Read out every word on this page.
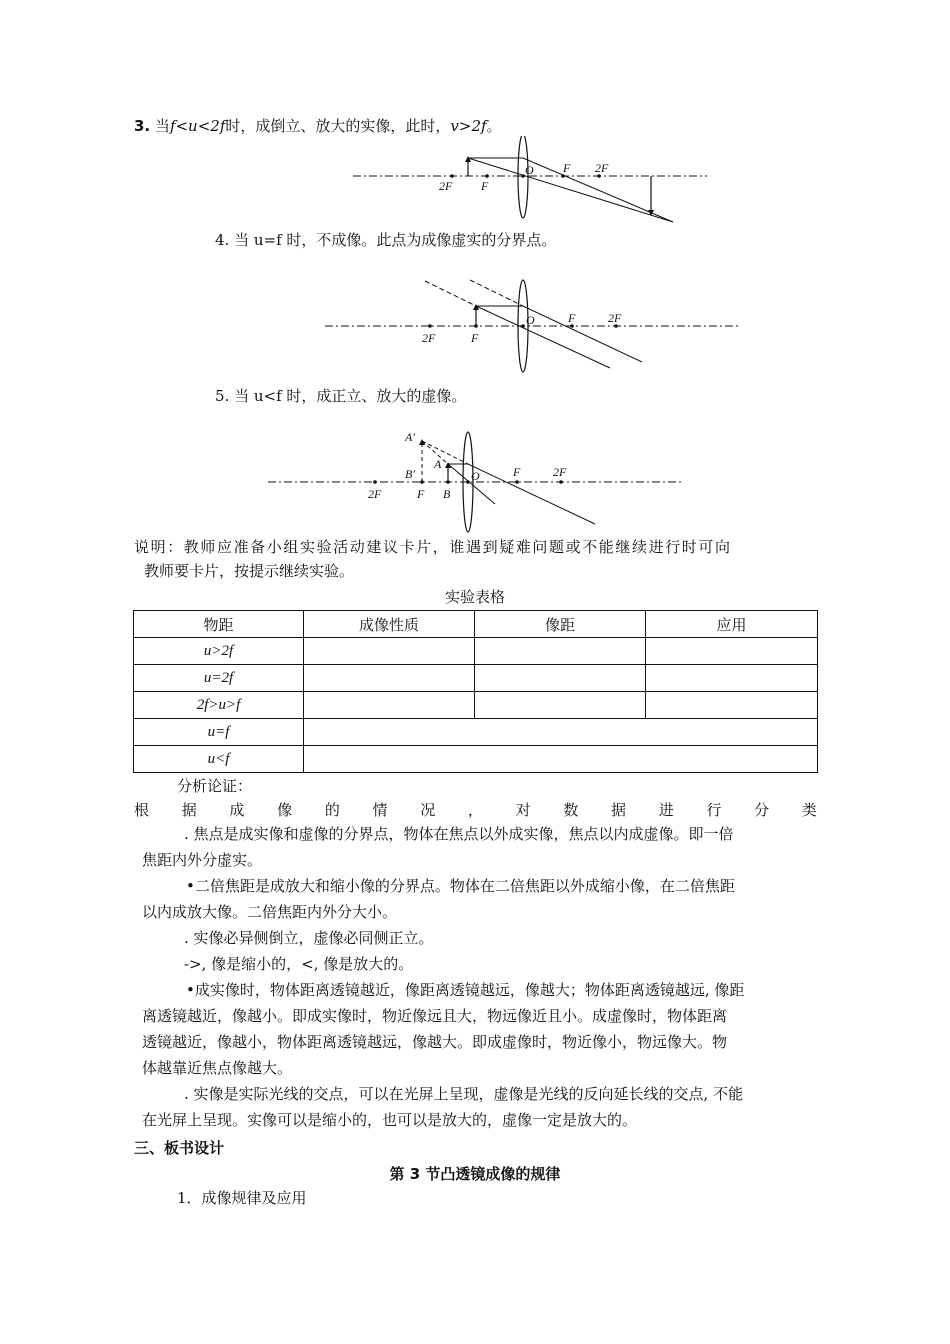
3. 当f<u<2f时，成倒立、放大的实像，此时，v>2f。
2F F
O F 2F
4. 当 u=f 时，不成像。此点为成像虚实的分界点。
2F	F
O	F	2F
5. 当 u<f 时，成正立、放大的虚像。
A′
B′
A
B
2F	F
O	F	2F
说明：教师应准备小组实验活动建议卡片，谁遇到疑难问题或不能继续进行时可向
教师要卡片，按提示继续实验。
实验表格
物距	成像性质	像距	应用
u>2f			
u=2f			
2f>u>f			
u=f			
u<f			
分析论证：
根 据 成 像 的 情 况 ， 对 数 据 进 行 分 类
. 焦点是成实像和虚像的分界点，物体在焦点以外成实像，焦点以内成虚像。即一倍
焦距内外分虚实。
•二倍焦距是成放大和缩小像的分界点。物体在二倍焦距以外成缩小像，在二倍焦距
以内成放大像。二倍焦距内外分大小。
. 实像必异侧倒立，虚像必同侧正立。
->, 像是缩小的，<, 像是放大的。
•成实像时，物体距离透镜越近，像距离透镜越远，像越大；物体距离透镜越远, 像距
离透镜越近，像越小。即成实像时，物近像远且大，物远像近且小。成虚像时，物体距离
透镜越近，像越小，物体距离透镜越远，像越大。即成虚像时，物近像小，物远像大。物
体越靠近焦点像越大。
. 实像是实际光线的交点，可以在光屏上呈现，虚像是光线的反向延长线的交点, 不能
在光屏上呈现。实像可以是缩小的，也可以是放大的，虚像一定是放大的。
三、板书设计
第 3 节凸透镜成像的规律
1．成像规律及应用
